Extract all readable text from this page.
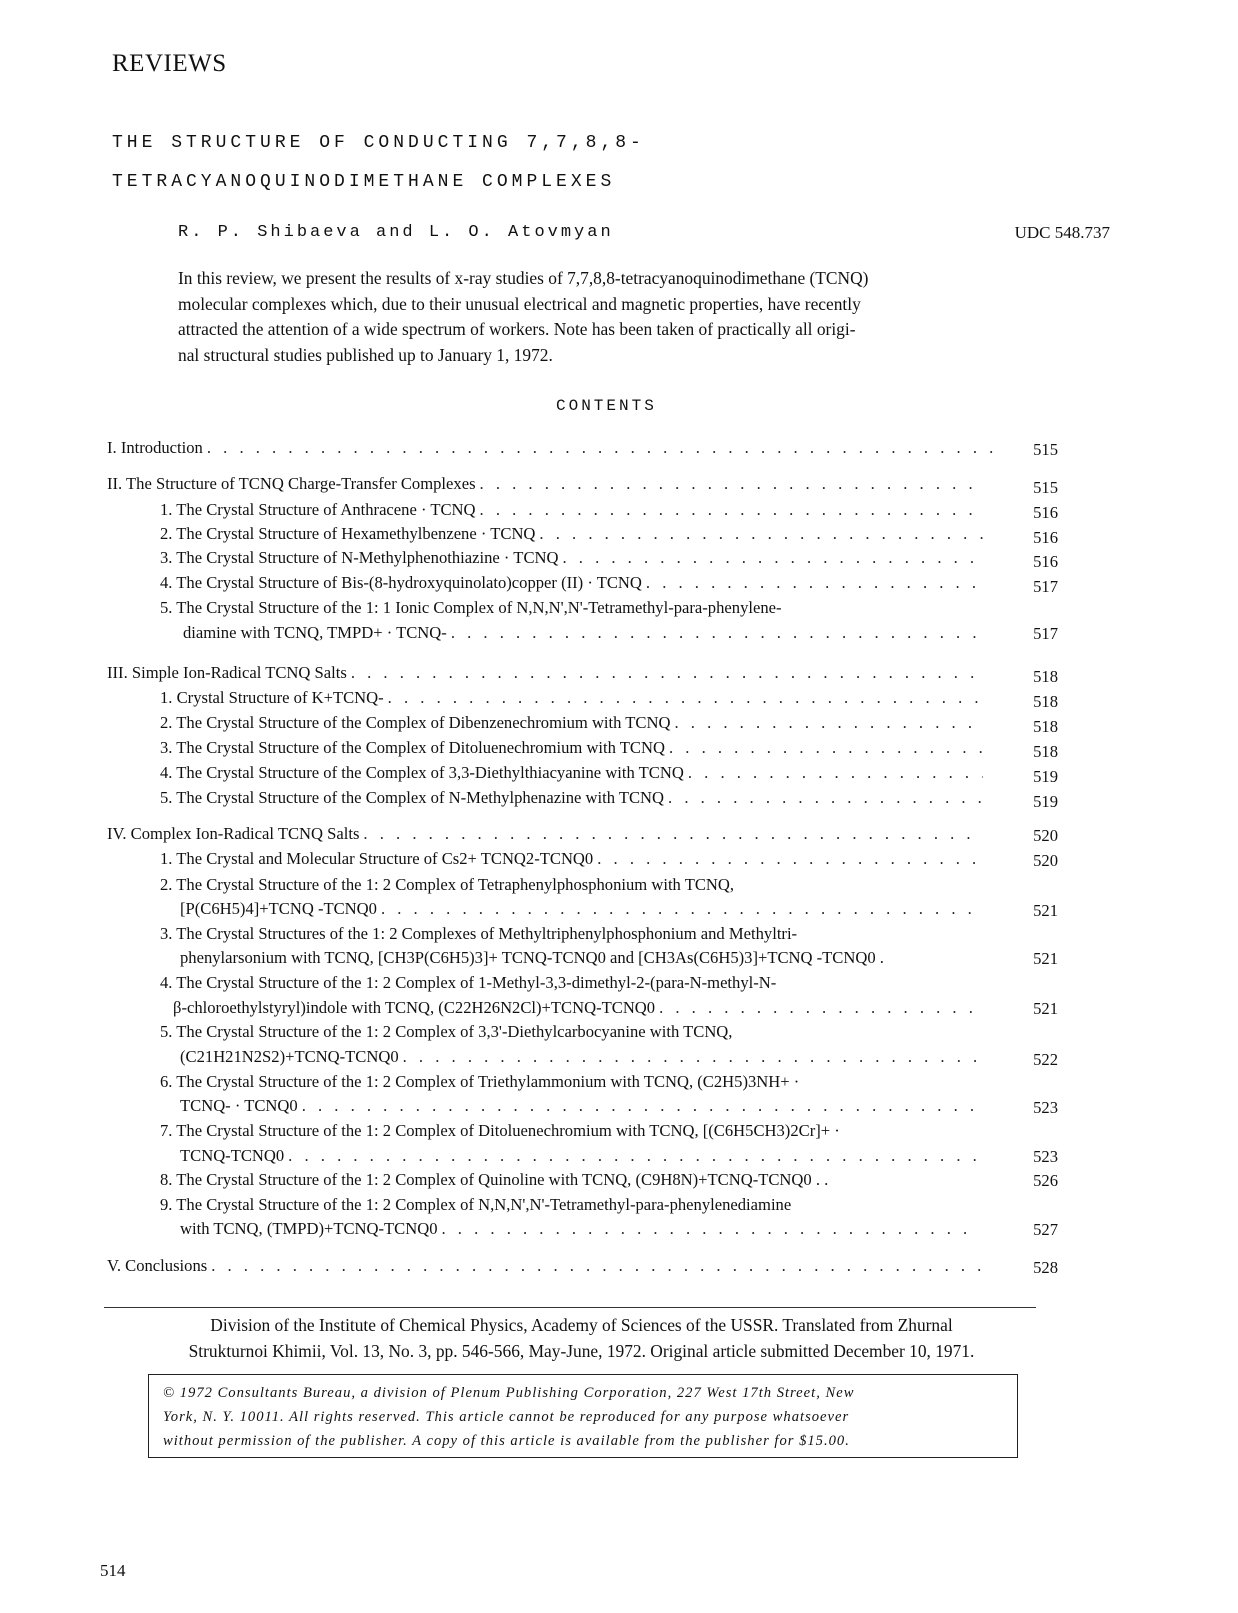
REVIEWS
THE STRUCTURE OF CONDUCTING 7,7,8,8-
TETRACYANOQUINODIMETHANE COMPLEXES
R. P. Shibaeva and L. O. Atovmyan	UDC 548.737
In this review, we present the results of x-ray studies of 7,7,8,8-tetracyanoquinodimethane (TCNQ)
molecular complexes which, due to their unusual electrical and magnetic properties, have recently
attracted the attention of a wide spectrum of workers. Note has been taken of practically all origi-
nal structural studies published up to January 1, 1972.
CONTENTS
I. Introduction . . .	515
II. The Structure of TCNQ Charge-Transfer Complexes . . .	515
1. The Crystal Structure of Anthracene · TCNQ . . .	516
2. The Crystal Structure of Hexamethylbenzene · TCNQ . . .	516
3. The Crystal Structure of N-Methylphenothiazine · TCNQ . . .	516
4. The Crystal Structure of Bis-(8-hydroxyquinolato)copper (II) · TCNQ . . .	517
5. The Crystal Structure of the 1: 1 Ionic Complex of N,N,N',N'-Tetramethyl-para-phenylene-
diamine with TCNQ, TMPD+ · TCNQ- . . .	517
III. Simple Ion-Radical TCNQ Salts . . .	518
1. Crystal Structure of K+TCNQ- . . .	518
2. The Crystal Structure of the Complex of Dibenzenechromium with TCNQ . . .	518
3. The Crystal Structure of the Complex of Ditoluenechromium with TCNQ . . .	518
4. The Crystal Structure of the Complex of 3,3-Diethylthiacyanine with TCNQ . . .	519
5. The Crystal Structure of the Complex of N-Methylphenazine with TCNQ . . .	519
IV. Complex Ion-Radical TCNQ Salts . . .	520
1. The Crystal and Molecular Structure of Cs2+ TCNQ2-TCNQ0 . . .	520
2. The Crystal Structure of the 1: 2 Complex of Tetraphenylphosphonium with TCNQ,
[P(C6H5)4]+TCNQ -TCNQ0 . . .	521
3. The Crystal Structures of the 1: 2 Complexes of Methyltriphenylphosphonium and Methyltri-
phenylarsonium with TCNQ, [CH3P(C6H5)3]+ TCNQ-TCNQ0 and [CH3As(C6H5)3]+TCNQ -TCNQ0 .	521
4. The Crystal Structure of the 1: 2 Complex of 1-Methyl-3,3-dimethyl-2-(para-N-methyl-N-
β-chloroethylstyryl)indole with TCNQ, (C22H26N2Cl)+TCNQ-TCNQ0 . . .	521
5. The Crystal Structure of the 1: 2 Complex of 3,3'-Diethylcarbocyanine with TCNQ,
(C21H21N2S2)+TCNQ-TCNQ0 . . .	522
6. The Crystal Structure of the 1: 2 Complex of Triethylammonium with TCNQ, (C2H5)3NH+ ·
TCNQ- · TCNQ0 . . .	523
7. The Crystal Structure of the 1: 2 Complex of Ditoluenechromium with TCNQ, [(C6H5CH3)2Cr]+ ·
TCNQ-TCNQ0 . . .	523
8. The Crystal Structure of the 1: 2 Complex of Quinoline with TCNQ, (C9H8N)+TCNQ-TCNQ0 . .	526
9. The Crystal Structure of the 1: 2 Complex of N,N,N',N'-Tetramethyl-para-phenylenediamine
with TCNQ, (TMPD)+TCNQ-TCNQ0 . . .	527
V. Conclusions . . .	528
Division of the Institute of Chemical Physics, Academy of Sciences of the USSR. Translated from Zhurnal
Strukturnoi Khimii, Vol. 13, No. 3, pp. 546-566, May-June, 1972. Original article submitted December 10, 1971.
© 1972 Consultants Bureau, a division of Plenum Publishing Corporation, 227 West 17th Street, New
York, N. Y. 10011. All rights reserved. This article cannot be reproduced for any purpose whatsoever
without permission of the publisher. A copy of this article is available from the publisher for $15.00.
514
